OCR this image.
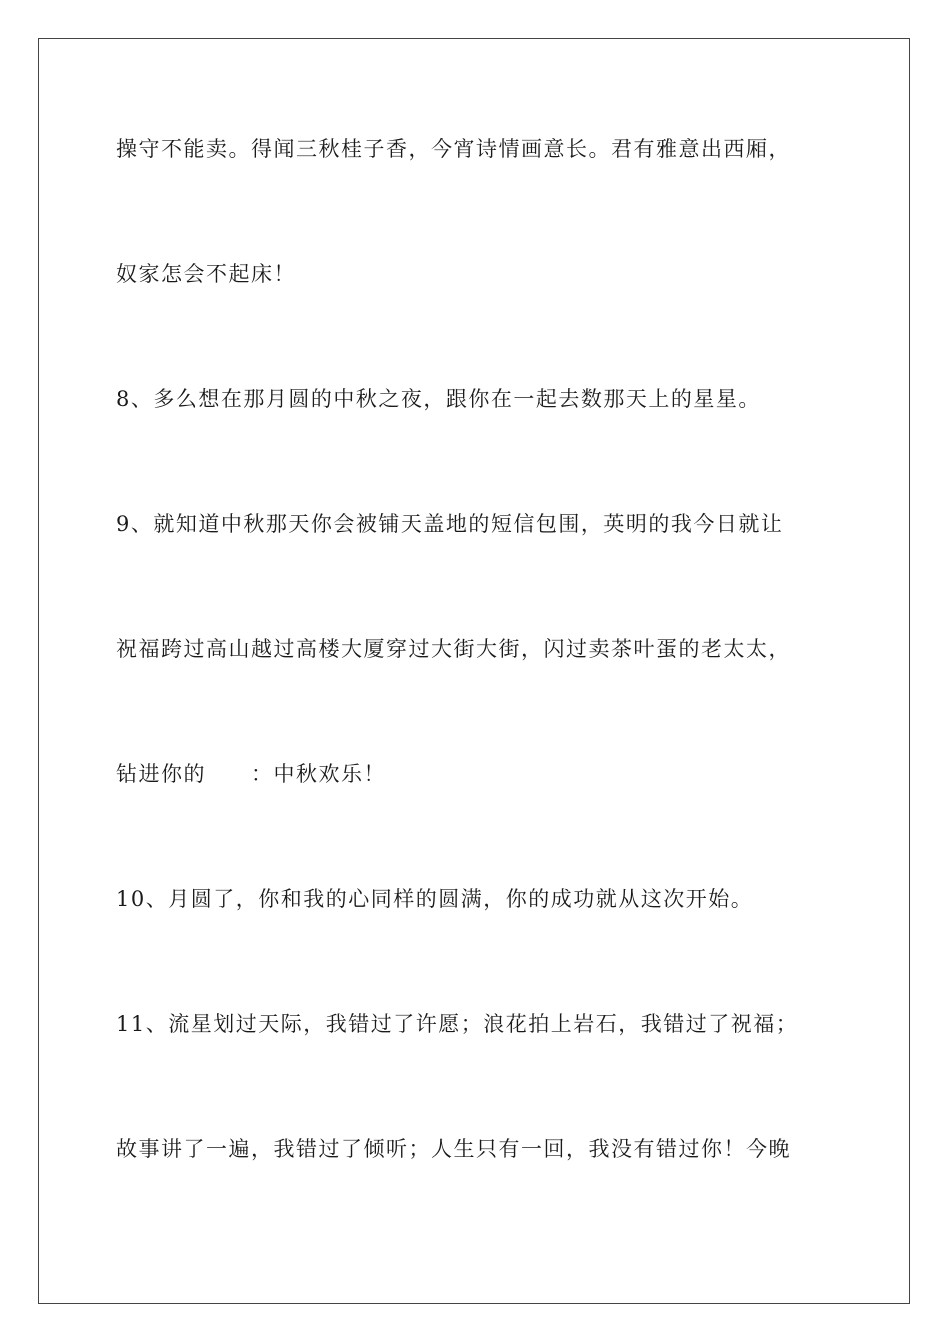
操守不能卖。得闻三秋桂子香，今宵诗情画意长。君有雅意出西厢，
奴家怎会不起床！
8、多么想在那月圆的中秋之夜，跟你在一起去数那天上的星星。
9、就知道中秋那天你会被铺天盖地的短信包围，英明的我今日就让
祝福跨过高山越过高楼大厦穿过大街大街，闪过卖茶叶蛋的老太太，
钻进你的　　：中秋欢乐！
10、月圆了，你和我的心同样的圆满，你的成功就从这次开始。
11、流星划过天际，我错过了许愿；浪花拍上岩石，我错过了祝福；
故事讲了一遍，我错过了倾听；人生只有一回，我没有错过你！今晚
